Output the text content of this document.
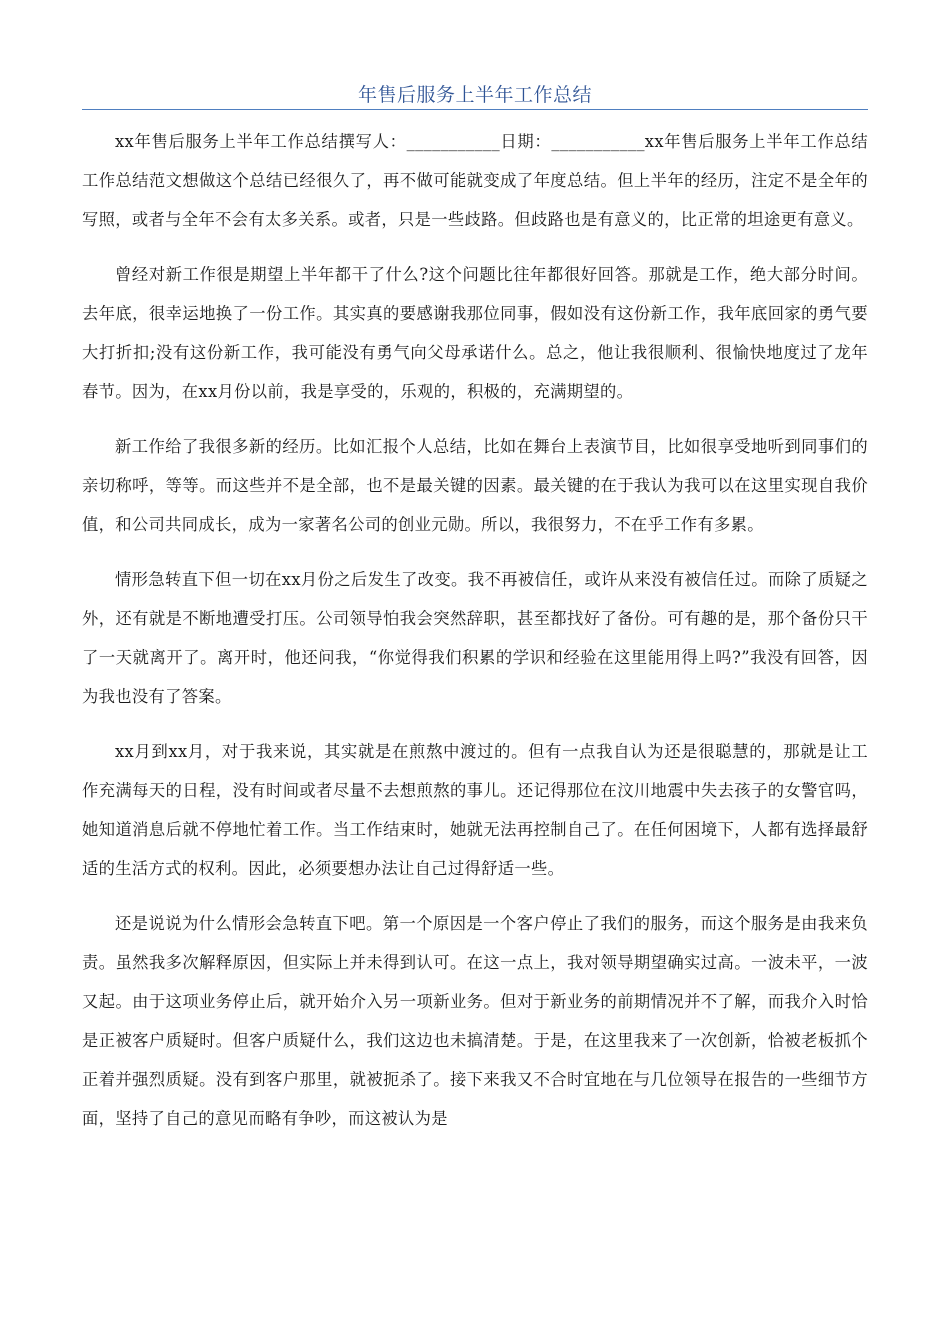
年售后服务上半年工作总结

xx年售后服务上半年工作总结撰写人：___________日期：___________xx年售后服务上半年工作总结工作总结范文想做这个总结已经很久了，再不做可能就变成了年度总结。但上半年的经历，注定不是全年的写照，或者与全年不会有太多关系。或者，只是一些歧路。但歧路也是有意义的，比正常的坦途更有意义。

曾经对新工作很是期望上半年都干了什么?这个问题比往年都很好回答。那就是工作，绝大部分时间。去年底，很幸运地换了一份工作。其实真的要感谢我那位同事，假如没有这份新工作，我年底回家的勇气要大打折扣;没有这份新工作，我可能没有勇气向父母承诺什么。总之，他让我很顺利、很愉快地度过了龙年春节。因为，在xx月份以前，我是享受的，乐观的，积极的，充满期望的。

新工作给了我很多新的经历。比如汇报个人总结，比如在舞台上表演节目，比如很享受地听到同事们的亲切称呼，等等。而这些并不是全部，也不是最关键的因素。最关键的在于我认为我可以在这里实现自我价值，和公司共同成长，成为一家著名公司的创业元勋。所以，我很努力，不在乎工作有多累。

情形急转直下但一切在xx月份之后发生了改变。我不再被信任，或许从来没有被信任过。而除了质疑之外，还有就是不断地遭受打压。公司领导怕我会突然辞职，甚至都找好了备份。可有趣的是，那个备份只干了一天就离开了。离开时，他还问我，“你觉得我们积累的学识和经验在这里能用得上吗?”我没有回答，因为我也没有了答案。

xx月到xx月，对于我来说，其实就是在煎熬中渡过的。但有一点我自认为还是很聪慧的，那就是让工作充满每天的日程，没有时间或者尽量不去想煎熬的事儿。还记得那位在汶川地震中失去孩子的女警官吗，她知道消息后就不停地忙着工作。当工作结束时，她就无法再控制自己了。在任何困境下，人都有选择最舒适的生活方式的权利。因此，必须要想办法让自己过得舒适一些。

还是说说为什么情形会急转直下吧。第一个原因是一个客户停止了我们的服务，而这个服务是由我来负责。虽然我多次解释原因，但实际上并未得到认可。在这一点上，我对领导期望确实过高。一波未平，一波又起。由于这项业务停止后，就开始介入另一项新业务。但对于新业务的前期情况并不了解，而我介入时恰是正被客户质疑时。但客户质疑什么，我们这边也未搞清楚。于是，在这里我来了一次创新，恰被老板抓个正着并强烈质疑。没有到客户那里，就被扼杀了。接下来我又不合时宜地在与几位领导在报告的一些细节方面，坚持了自己的意见而略有争吵，而这被认为是
